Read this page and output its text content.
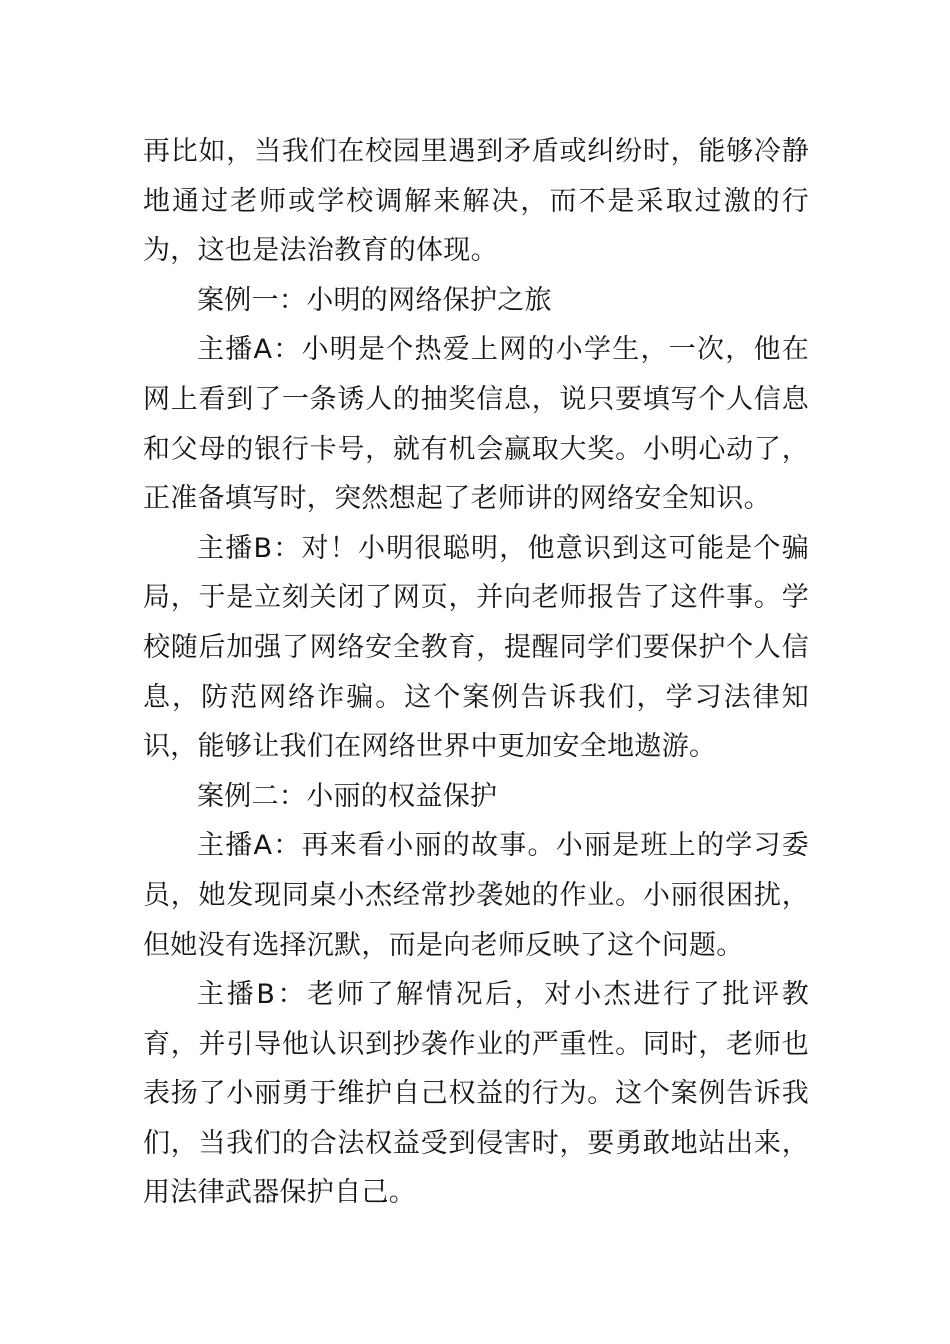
再比如，当我们在校园里遇到矛盾或纠纷时，能够冷静地通过老师或学校调解来解决，而不是采取过激的行为，这也是法治教育的体现。

案例一：小明的网络保护之旅

主播A：小明是个热爱上网的小学生，一次，他在网上看到了一条诱人的抽奖信息，说只要填写个人信息和父母的银行卡号，就有机会赢取大奖。小明心动了，正准备填写时，突然想起了老师讲的网络安全知识。

主播B：对！小明很聪明，他意识到这可能是个骗局，于是立刻关闭了网页，并向老师报告了这件事。学校随后加强了网络安全教育，提醒同学们要保护个人信息，防范网络诈骗。这个案例告诉我们，学习法律知识，能够让我们在网络世界中更加安全地遨游。

案例二：小丽的权益保护

主播A：再来看小丽的故事。小丽是班上的学习委员，她发现同桌小杰经常抄袭她的作业。小丽很困扰，但她没有选择沉默，而是向老师反映了这个问题。

主播B：老师了解情况后，对小杰进行了批评教育，并引导他认识到抄袭作业的严重性。同时，老师也表扬了小丽勇于维护自己权益的行为。这个案例告诉我们，当我们的合法权益受到侵害时，要勇敢地站出来，用法律武器保护自己。
